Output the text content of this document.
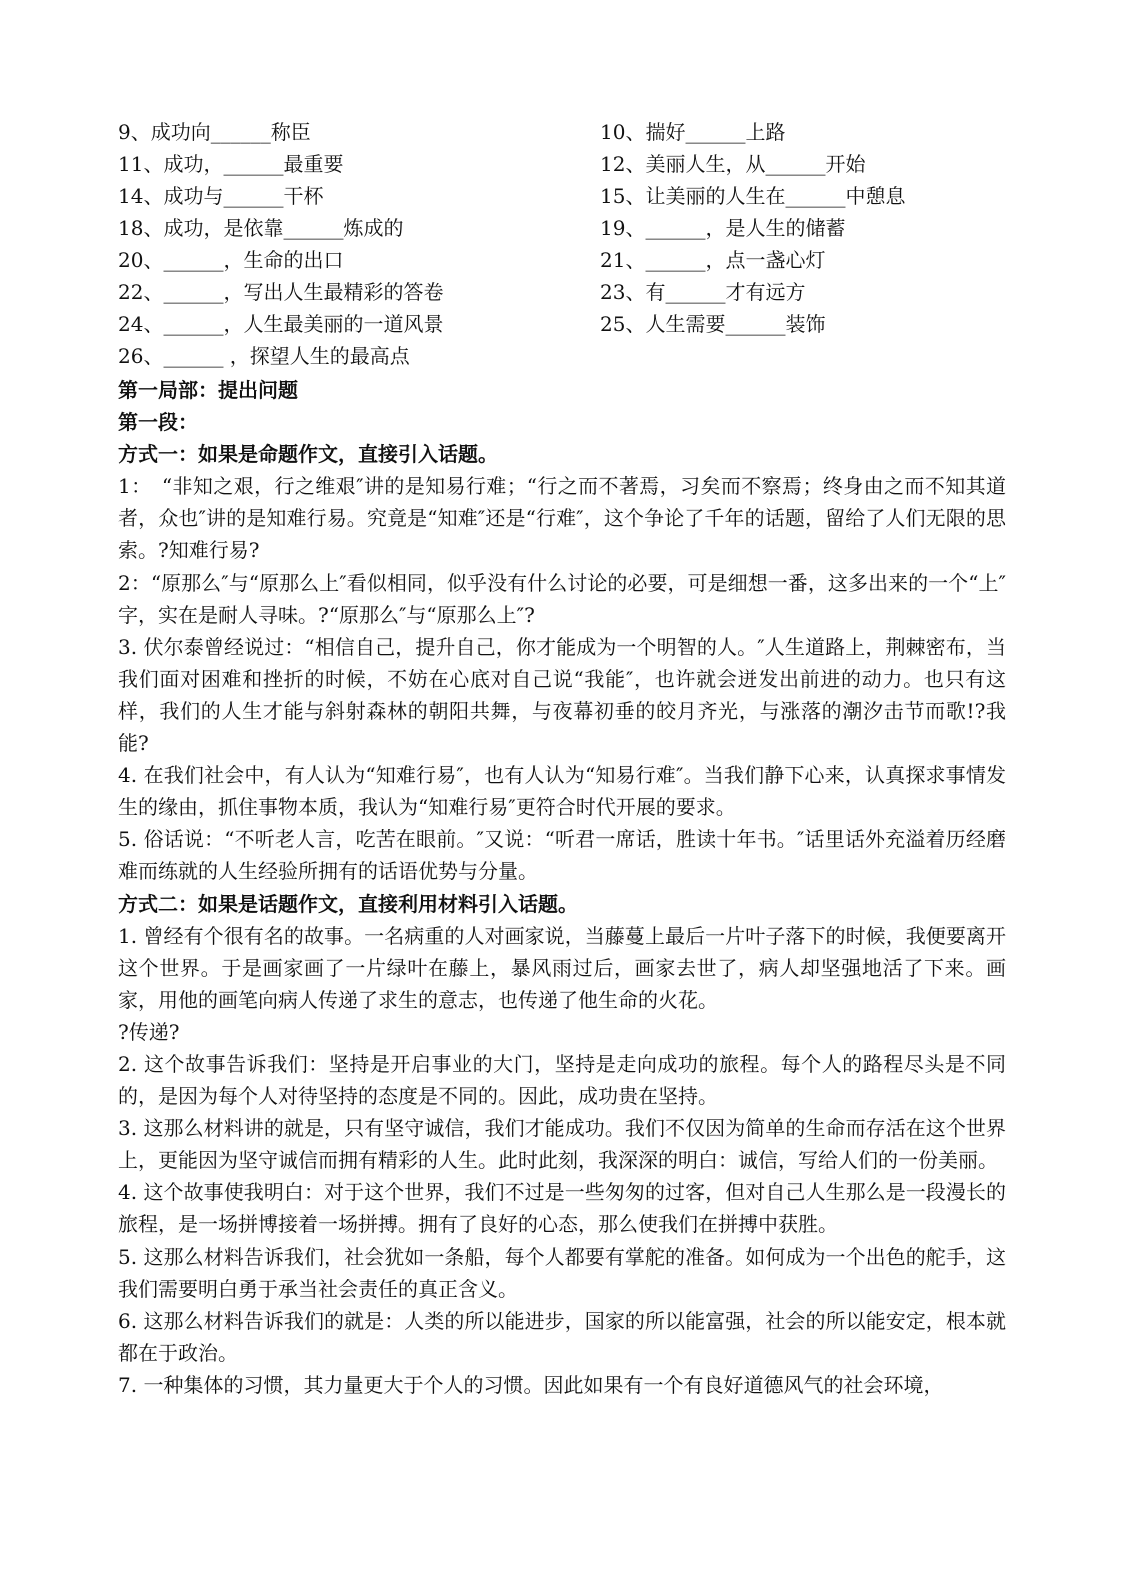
9、成功向______称臣	10、揣好______上路
11、成功，______最重要	12、美丽人生，从______开始
14、成功与______干杯	15、让美丽的人生在______中憩息
18、成功，是依靠______炼成的	19、______，是人生的储蓄
20、______，生命的出口	21、______，点一盏心灯
22、______，写出人生最精彩的答卷	23、有______才有远方
24、______，人生最美丽的一道风景	25、人生需要______装饰
26、______ ，探望人生的最高点

第一局部：提出问题

第一段：

方式一：如果是命题作文，直接引入话题。

1：　“非知之艰，行之维艰″讲的是知易行难；“行之而不著焉，习矣而不察焉；终身由之而不知其道者，众也″讲的是知难行易。究竟是“知难″还是“行难″，这个争论了千年的话题，留给了人们无限的思索。?知难行易?

2：“原那么″与“原那么上″看似相同，似乎没有什么讨论的必要，可是细想一番，这多出来的一个“上″字，实在是耐人寻味。?“原那么″与“原那么上″?

3. 伏尔泰曾经说过：“相信自己，提升自己，你才能成为一个明智的人。″人生道路上，荆棘密布，当我们面对困难和挫折的时候，不妨在心底对自己说“我能″，也许就会迸发出前进的动力。也只有这样，我们的人生才能与斜射森林的朝阳共舞，与夜幕初垂的皎月齐光，与涨落的潮汐击节而歌!?我能?

4. 在我们社会中，有人认为“知难行易″，也有人认为“知易行难″。当我们静下心来，认真探求事情发生的缘由，抓住事物本质，我认为“知难行易″更符合时代开展的要求。

5. 俗话说：“不听老人言，吃苦在眼前。″又说：“听君一席话，胜读十年书。″话里话外充溢着历经磨难而练就的人生经验所拥有的话语优势与分量。

方式二：如果是话题作文，直接利用材料引入话题。

1. 曾经有个很有名的故事。一名病重的人对画家说，当藤蔓上最后一片叶子落下的时候，我便要离开这个世界。于是画家画了一片绿叶在藤上，暴风雨过后，画家去世了，病人却坚强地活了下来。画家，用他的画笔向病人传递了求生的意志，也传递了他生命的火花。

?传递?

2. 这个故事告诉我们：坚持是开启事业的大门，坚持是走向成功的旅程。每个人的路程尽头是不同的，是因为每个人对待坚持的态度是不同的。因此，成功贵在坚持。

3. 这那么材料讲的就是，只有坚守诚信，我们才能成功。我们不仅因为简单的生命而存活在这个世界上，更能因为坚守诚信而拥有精彩的人生。此时此刻，我深深的明白：诚信，写给人们的一份美丽。

4. 这个故事使我明白：对于这个世界，我们不过是一些匆匆的过客，但对自己人生那么是一段漫长的旅程，是一场拼博接着一场拼搏。拥有了良好的心态，那么使我们在拼搏中获胜。

5. 这那么材料告诉我们，社会犹如一条船，每个人都要有掌舵的准备。如何成为一个出色的舵手，这我们需要明白勇于承当社会责任的真正含义。

6. 这那么材料告诉我们的就是：人类的所以能进步，国家的所以能富强，社会的所以能安定，根本就都在于政治。

7. 一种集体的习惯，其力量更大于个人的习惯。因此如果有一个有良好道德风气的社会环境，
